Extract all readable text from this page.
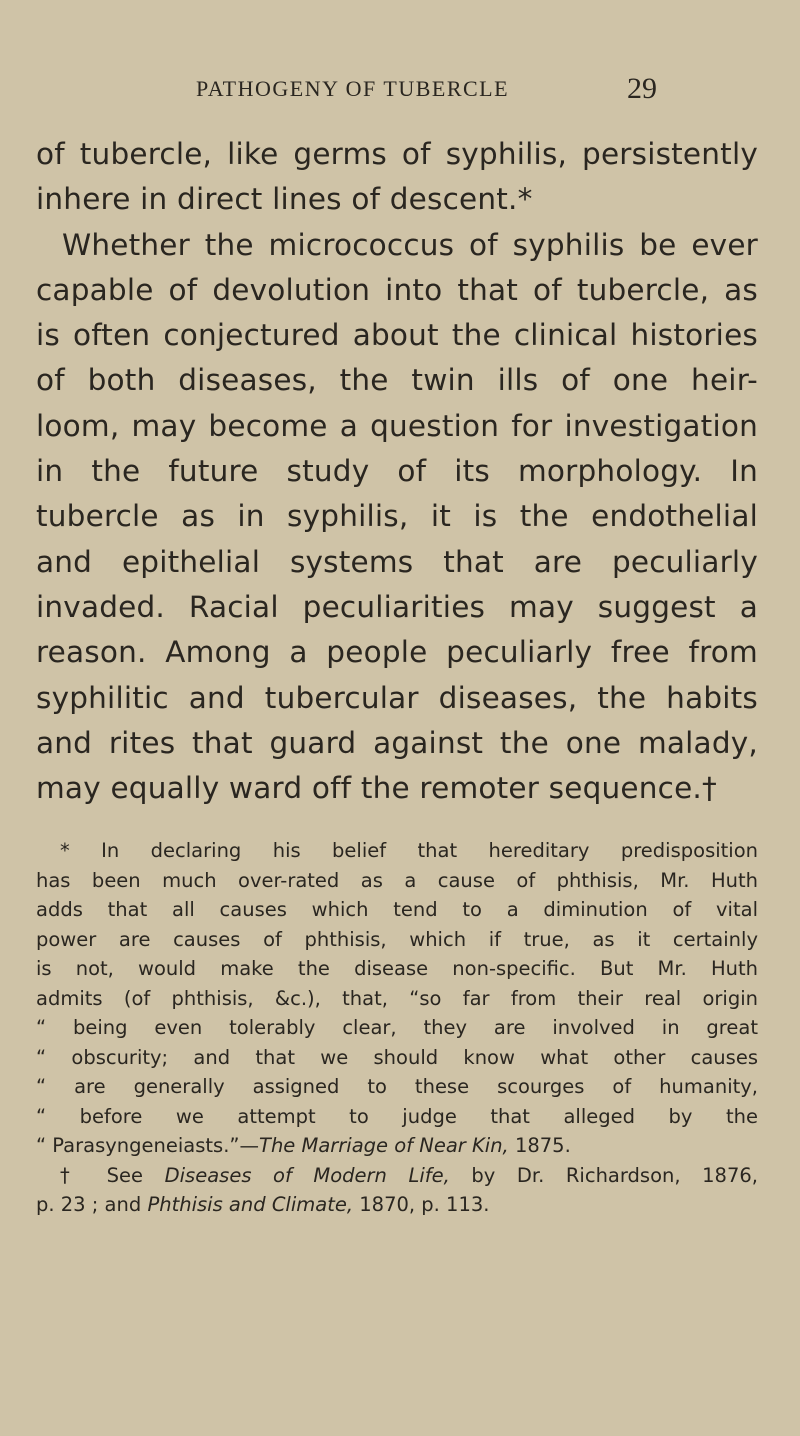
PATHOGENY OF TUBERCLE	29
of tubercle, like germs of syphilis, persistently
inhere in direct lines of descent.*
Whether the micrococcus of syphilis be ever
capable of devolution into that of tubercle, as
is often conjectured about the clinical histories
of both diseases, the twin ills of one heir-
loom, may become a question for investigation
in the future study of its morphology. In
tubercle as in syphilis, it is the endothelial
and epithelial systems that are peculiarly
invaded. Racial peculiarities may suggest a
reason. Among a people peculiarly free from
syphilitic and tubercular diseases, the habits
and rites that guard against the one malady,
may equally ward off the remoter sequence.†
* In declaring his belief that hereditary predisposition
has been much over-rated as a cause of phthisis, Mr. Huth
adds that all causes which tend to a diminution of vital
power are causes of phthisis, which if true, as it certainly
is not, would make the disease non-specific. But Mr. Huth
admits (of phthisis, &c.), that, “so far from their real origin
“ being even tolerably clear, they are involved in great
“ obscurity; and that we should know what other causes
“ are generally assigned to these scourges of humanity,
“ before we attempt to judge that alleged by the
“ Parasyngeneiasts.”—The Marriage of Near Kin, 1875.
† See Diseases of Modern Life, by Dr. Richardson, 1876,
p. 23 ; and Phthisis and Climate, 1870, p. 113.
